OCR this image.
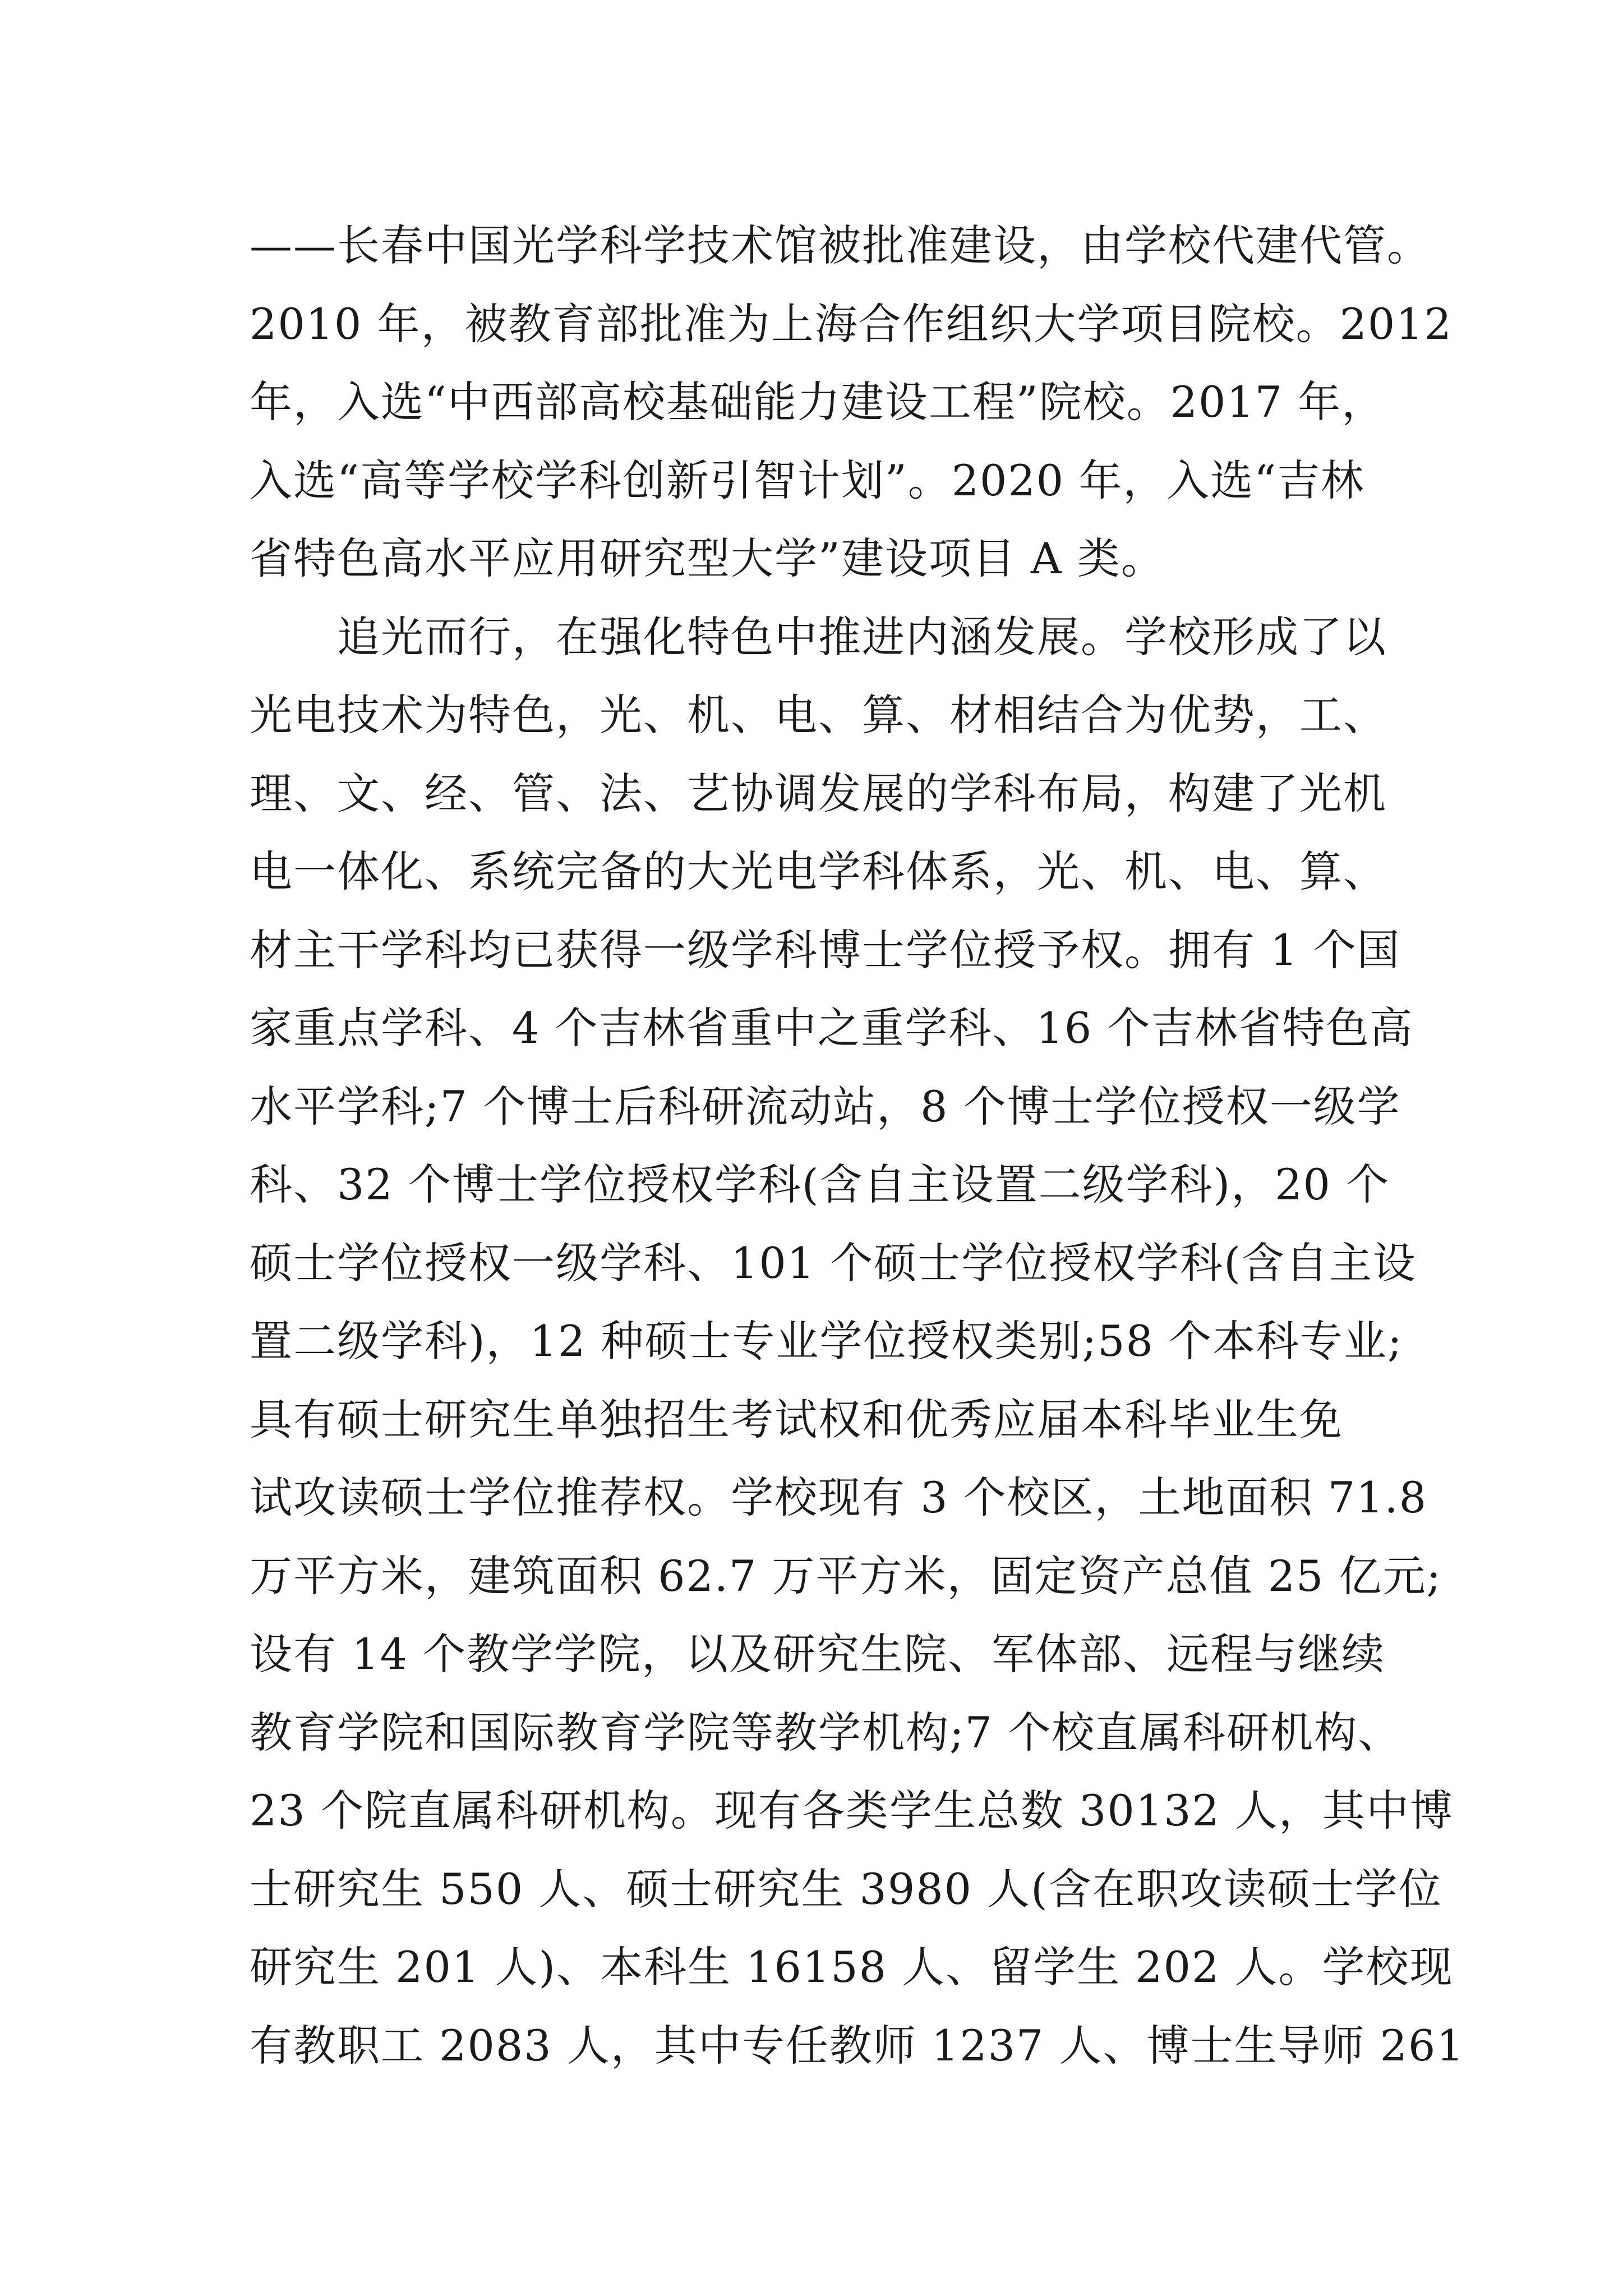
——长春中国光学科学技术馆被批准建设，由学校代建代管。
2010 年，被教育部批准为上海合作组织大学项目院校。2012
年，入选“中西部高校基础能力建设工程”院校。2017 年，
入选“高等学校学科创新引智计划”。2020 年，入选“吉林
省特色高水平应用研究型大学”建设项目 A 类。
　　追光而行，在强化特色中推进内涵发展。学校形成了以
光电技术为特色，光、机、电、算、材相结合为优势，工、
理、文、经、管、法、艺协调发展的学科布局，构建了光机
电一体化、系统完备的大光电学科体系，光、机、电、算、
材主干学科均已获得一级学科博士学位授予权。拥有 1 个国
家重点学科、4 个吉林省重中之重学科、16 个吉林省特色高
水平学科;7 个博士后科研流动站，8 个博士学位授权一级学
科、32 个博士学位授权学科(含自主设置二级学科)，20 个
硕士学位授权一级学科、101 个硕士学位授权学科(含自主设
置二级学科)，12 种硕士专业学位授权类别;58 个本科专业;
具有硕士研究生单独招生考试权和优秀应届本科毕业生免
试攻读硕士学位推荐权。学校现有 3 个校区，土地面积 71.8
万平方米，建筑面积 62.7 万平方米，固定资产总值 25 亿元;
设有 14 个教学学院，以及研究生院、军体部、远程与继续
教育学院和国际教育学院等教学机构;7 个校直属科研机构、
23 个院直属科研机构。现有各类学生总数 30132 人，其中博
士研究生 550 人、硕士研究生 3980 人(含在职攻读硕士学位
研究生 201 人)、本科生 16158 人、留学生 202 人。学校现
有教职工 2083 人，其中专任教师 1237 人、博士生导师 261
